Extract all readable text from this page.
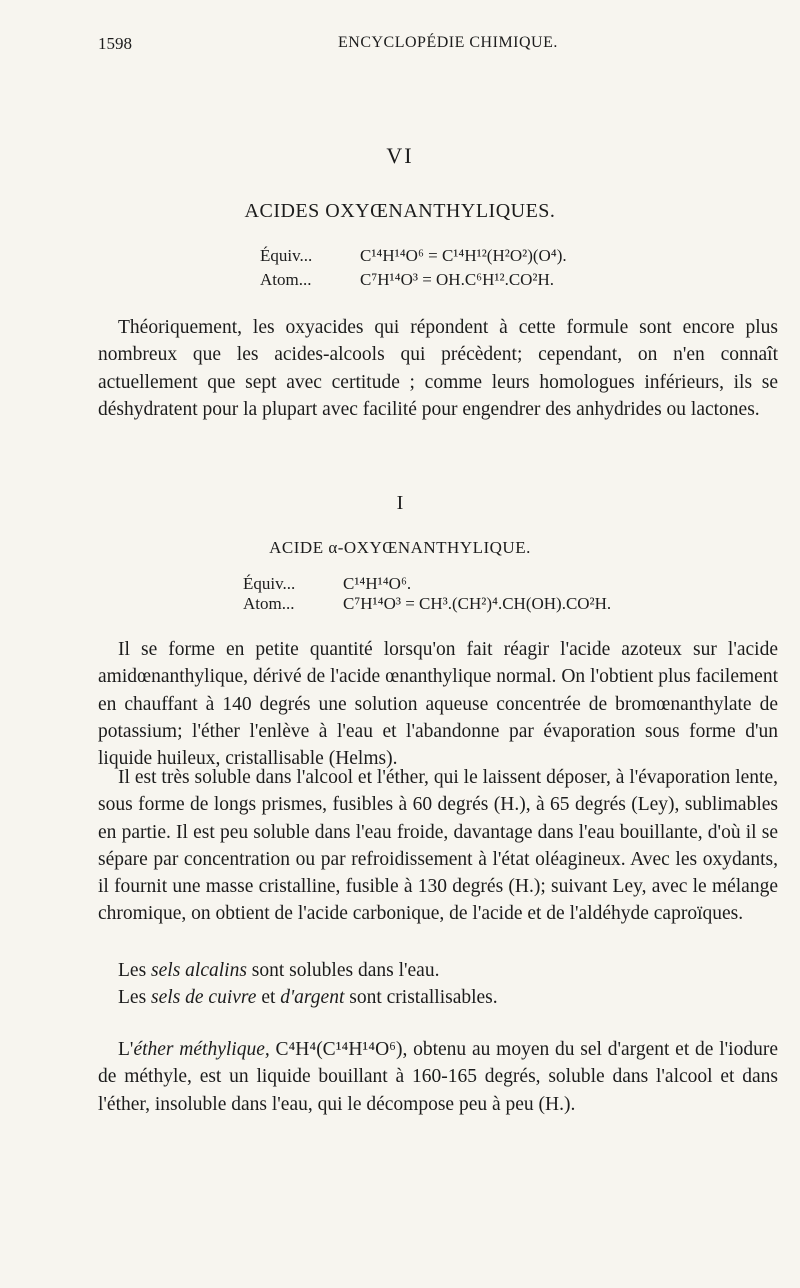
1598	ENCYCLOPÉDIE CHIMIQUE.
VI
ACIDES OXYŒNANTHYLIQUES.
Équiv...	C¹⁴H¹⁴O⁶ = C¹⁴H¹²(H²O²)(O⁴).
Atom...	C⁷H¹⁴O³ = OH.C⁶H¹².CO²H.

Théoriquement, les oxyacides qui répondent à cette formule sont encore plus nombreux que les acides-alcools qui précèdent; cependant, on n'en connaît actuellement que sept avec certitude ; comme leurs homologues inférieurs, ils se déshydratent pour la plupart avec facilité pour engendrer des anhydrides ou lactones.

I
ACIDE α-OXYŒNANTHYLIQUE.
Équiv...	C¹⁴H¹⁴O⁶.
Atom...	C⁷H¹⁴O³ = CH³.(CH²)⁴.CH(OH).CO²H.

Il se forme en petite quantité lorsqu'on fait réagir l'acide azoteux sur l'acide amidœnanthylique, dérivé de l'acide œnanthylique normal. On l'obtient plus facilement en chauffant à 140 degrés une solution aqueuse concentrée de bromœnanthylate de potassium; l'éther l'enlève à l'eau et l'abandonne par évaporation sous forme d'un liquide huileux, cristallisable (Helms).

Il est très soluble dans l'alcool et l'éther, qui le laissent déposer, à l'évaporation lente, sous forme de longs prismes, fusibles à 60 degrés (H.), à 65 degrés (Ley), sublimables en partie. Il est peu soluble dans l'eau froide, davantage dans l'eau bouillante, d'où il se sépare par concentration ou par refroidissement à l'état oléagineux. Avec les oxydants, il fournit une masse cristalline, fusible à 130 degrés (H.); suivant Ley, avec le mélange chromique, on obtient de l'acide carbonique, de l'acide et de l'aldéhyde caproïques.

Les sels alcalins sont solubles dans l'eau.
Les sels de cuivre et d'argent sont cristallisables.

L'éther méthylique, C⁴H⁴(C¹⁴H¹⁴O⁶), obtenu au moyen du sel d'argent et de l'iodure de méthyle, est un liquide bouillant à 160-165 degrés, soluble dans l'alcool et dans l'éther, insoluble dans l'eau, qui le décompose peu à peu (H.).
